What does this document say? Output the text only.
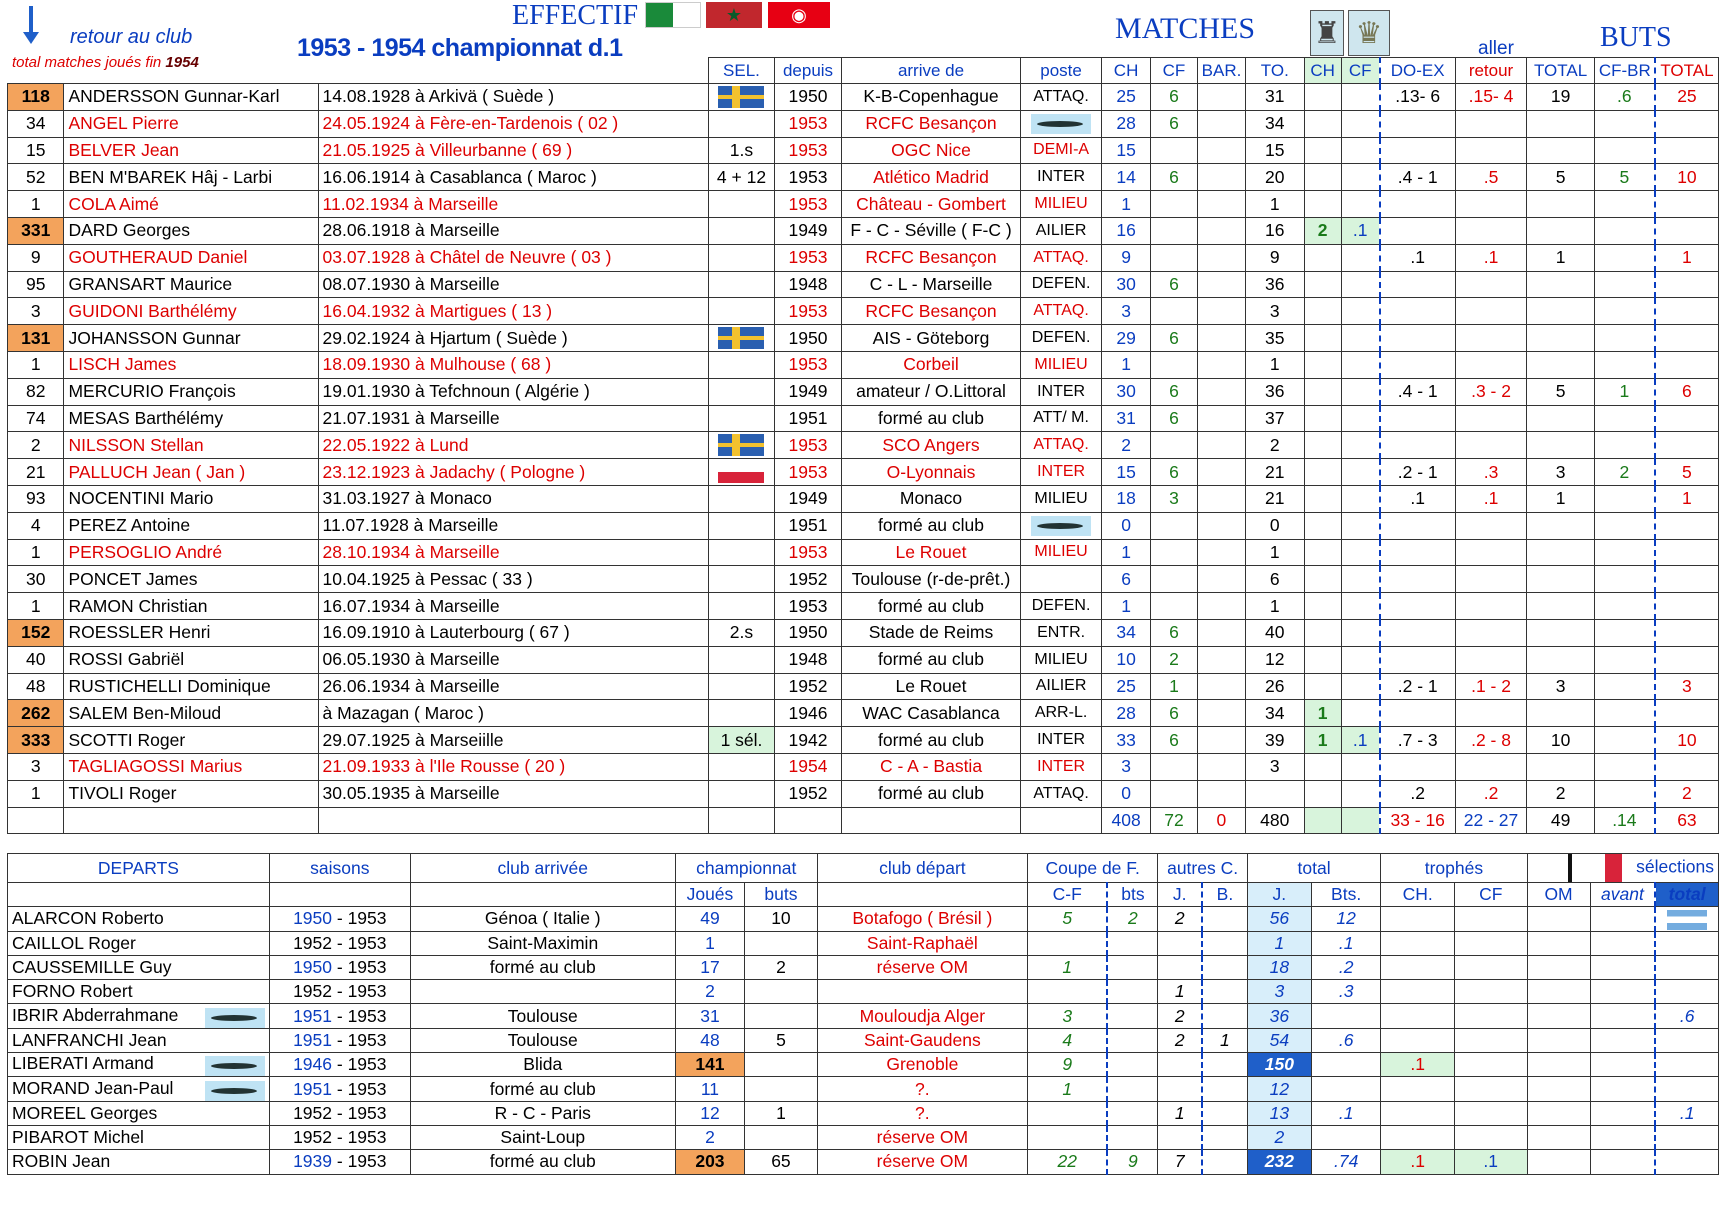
retour au club
total matches joués fin 1954
EFFECTIF
1953 - 1954 championnat d.1
★	◉	MATCHES ♜ ♛	aller	BUTS
			SEL.	depuis	arrive de	poste	CH	CF	BAR.	TO.	CH	CF	DO-EX	retour	TOTAL	CF-BR	TOTAL
118	ANDERSSON Gunnar-Karl	14.08.1928 à Arkivä ( Suède )		1950	K-B-Copenhague	ATTAQ.	25	6		31			.13- 6	.15- 4	19	.6	25
34	ANGEL Pierre	24.05.1924 à Fère-en-Tardenois ( 02 )		1953	RCFC Besançon		28	6		34							
15	BELVER Jean	21.05.1925 à Villeurbanne ( 69 )	1.s	1953	OGC Nice	DEMI-A	15			15							
52	BEN M'BAREK Hâj - Larbi	16.06.1914 à Casablanca ( Maroc )	4 + 12	1953	Atlético Madrid	INTER	14	6		20			.4 - 1	.5	5	5	10
1	COLA Aimé	11.02.1934 à Marseille		1953	Château - Gombert	MILIEU	1			1							
331	DARD Georges	28.06.1918 à Marseille		1949	F - C - Séville ( F-C )	AILIER	16			16	2	.1					
9	GOUTHERAUD Daniel	03.07.1928 à Châtel de Neuvre ( 03 )		1953	RCFC Besançon	ATTAQ.	9			9			.1	.1	1		1
95	GRANSART Maurice	08.07.1930 à Marseille		1948	C - L - Marseille	DEFEN.	30	6		36							
3	GUIDONI Barthélémy	16.04.1932 à Martigues ( 13 )		1953	RCFC Besançon	ATTAQ.	3			3							
131	JOHANSSON Gunnar	29.02.1924 à Hjartum ( Suède )		1950	AIS - Göteborg	DEFEN.	29	6		35							
1	LISCH James	18.09.1930 à Mulhouse ( 68 )		1953	Corbeil	MILIEU	1			1							
82	MERCURIO François	19.01.1930 à Tefchnoun ( Algérie )		1949	amateur / O.Littoral	INTER	30	6		36			.4 - 1	.3 - 2	5	1	6
74	MESAS Barthélémy	21.07.1931 à Marseille		1951	formé au club	ATT/ M.	31	6		37							
2	NILSSON Stellan	22.05.1922 à Lund		1953	SCO Angers	ATTAQ.	2			2							
21	PALLUCH Jean ( Jan )	23.12.1923 à Jadachy ( Pologne )		1953	O-Lyonnais	INTER	15	6		21			.2 - 1	.3	3	2	5
93	NOCENTINI Mario	31.03.1927 à Monaco		1949	Monaco	MILIEU	18	3		21			.1	.1	1		1
4	PEREZ Antoine	11.07.1928 à Marseille		1951	formé au club		0			0							
1	PERSOGLIO André	28.10.1934 à Marseille		1953	Le Rouet	MILIEU	1			1							
30	PONCET James	10.04.1925 à Pessac ( 33 )		1952	Toulouse (r-de-prêt.)		6			6							
1	RAMON Christian	16.07.1934 à Marseille		1953	formé au club	DEFEN.	1			1							
152	ROESSLER Henri	16.09.1910 à Lauterbourg ( 67 )	2.s	1950	Stade de Reims	ENTR.	34	6		40							
40	ROSSI Gabriël	06.05.1930 à Marseille		1948	formé au club	MILIEU	10	2		12							
48	RUSTICHELLI Dominique	26.06.1934 à Marseille		1952	Le Rouet	AILIER	25	1		26			.2 - 1	.1 - 2	3		3
262	SALEM Ben-Miloud	à Mazagan ( Maroc )		1946	WAC Casablanca	ARR-L.	28	6		34	1						
333	SCOTTI Roger	29.07.1925 à Marseiille	1 sél.	1942	formé au club	INTER	33	6		39	1	.1	.7 - 3	.2 - 8	10		10
3	TAGLIAGOSSI Marius	21.09.1933 à l'Ile Rousse ( 20 )		1954	C - A - Bastia	INTER	3			3							
1	TIVOLI Roger	30.05.1935 à Marseille		1952	formé au club	ATTAQ.	0						.2	.2	2		2
							408	72	0	480			33 - 16	22 - 27	49	.14	63
DEPARTS	saisons	club arrivée	championnat		club départ	Coupe de F.		autres C.		total		trophés		sélections		
			Joués	buts		C-F	bts	J.	B.	J.	Bts.	CH.	CF	OM	avant	total
ALARCON Roberto	1950 - 1953	Génoa ( Italie )	49	10	Botafogo ( Brésil )	5	2	2		56	12					
CAILLOL Roger	1952 - 1953	Saint-Maximin	1		Saint-Raphaël					1	.1					
CAUSSEMILLE Guy	1950 - 1953	formé au club	17	2	réserve OM	1				18	.2					
FORNO Robert	1952 - 1953		2					1		3	.3					
IBRIR Abderrahmane	1951 - 1953	Toulouse	31		Mouloudja Alger	3		2		36						.6
LANFRANCHI Jean	1951 - 1953	Toulouse	48	5	Saint-Gaudens	4		2	1	54	.6					
LIBERATI Armand	1946 - 1953	Blida	141		Grenoble	9				150		.1				
MORAND Jean-Paul	1951 - 1953	formé au club	11		?.	1				12						
MOREEL Georges	1952 - 1953	R - C - Paris	12	1	?.			1		13	.1					.1
PIBAROT Michel	1952 - 1953	Saint-Loup	2		réserve OM					2						
ROBIN Jean	1939 - 1953	formé au club	203	65	réserve OM	22	9	7		232	.74	.1	.1			
